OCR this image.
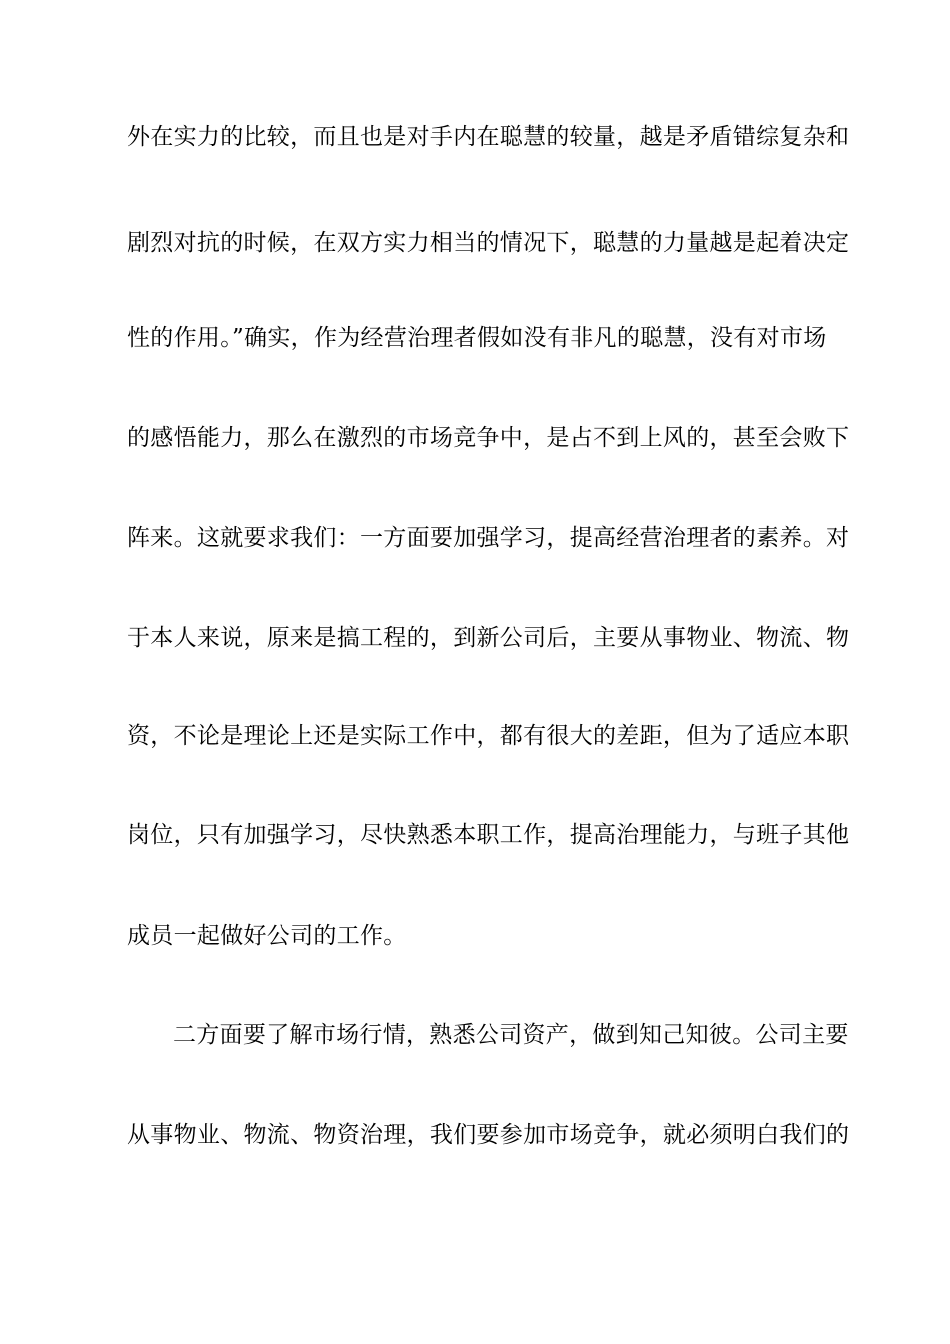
外在实力的比较，而且也是对手内在聪慧的较量，越是矛盾错综复杂和
剧烈对抗的时候，在双方实力相当的情况下，聪慧的力量越是起着决定
性的作用。”确实，作为经营治理者假如没有非凡的聪慧，没有对市场
的感悟能力，那么在激烈的市场竞争中，是占不到上风的，甚至会败下
阵来。这就要求我们：一方面要加强学习，提高经营治理者的素养。对
于本人来说，原来是搞工程的，到新公司后，主要从事物业、物流、物
资，不论是理论上还是实际工作中，都有很大的差距，但为了适应本职
岗位，只有加强学习，尽快熟悉本职工作，提高治理能力，与班子其他
成员一起做好公司的工作。
二方面要了解市场行情，熟悉公司资产，做到知己知彼。公司主要
从事物业、物流、物资治理，我们要参加市场竞争，就必须明白我们的
